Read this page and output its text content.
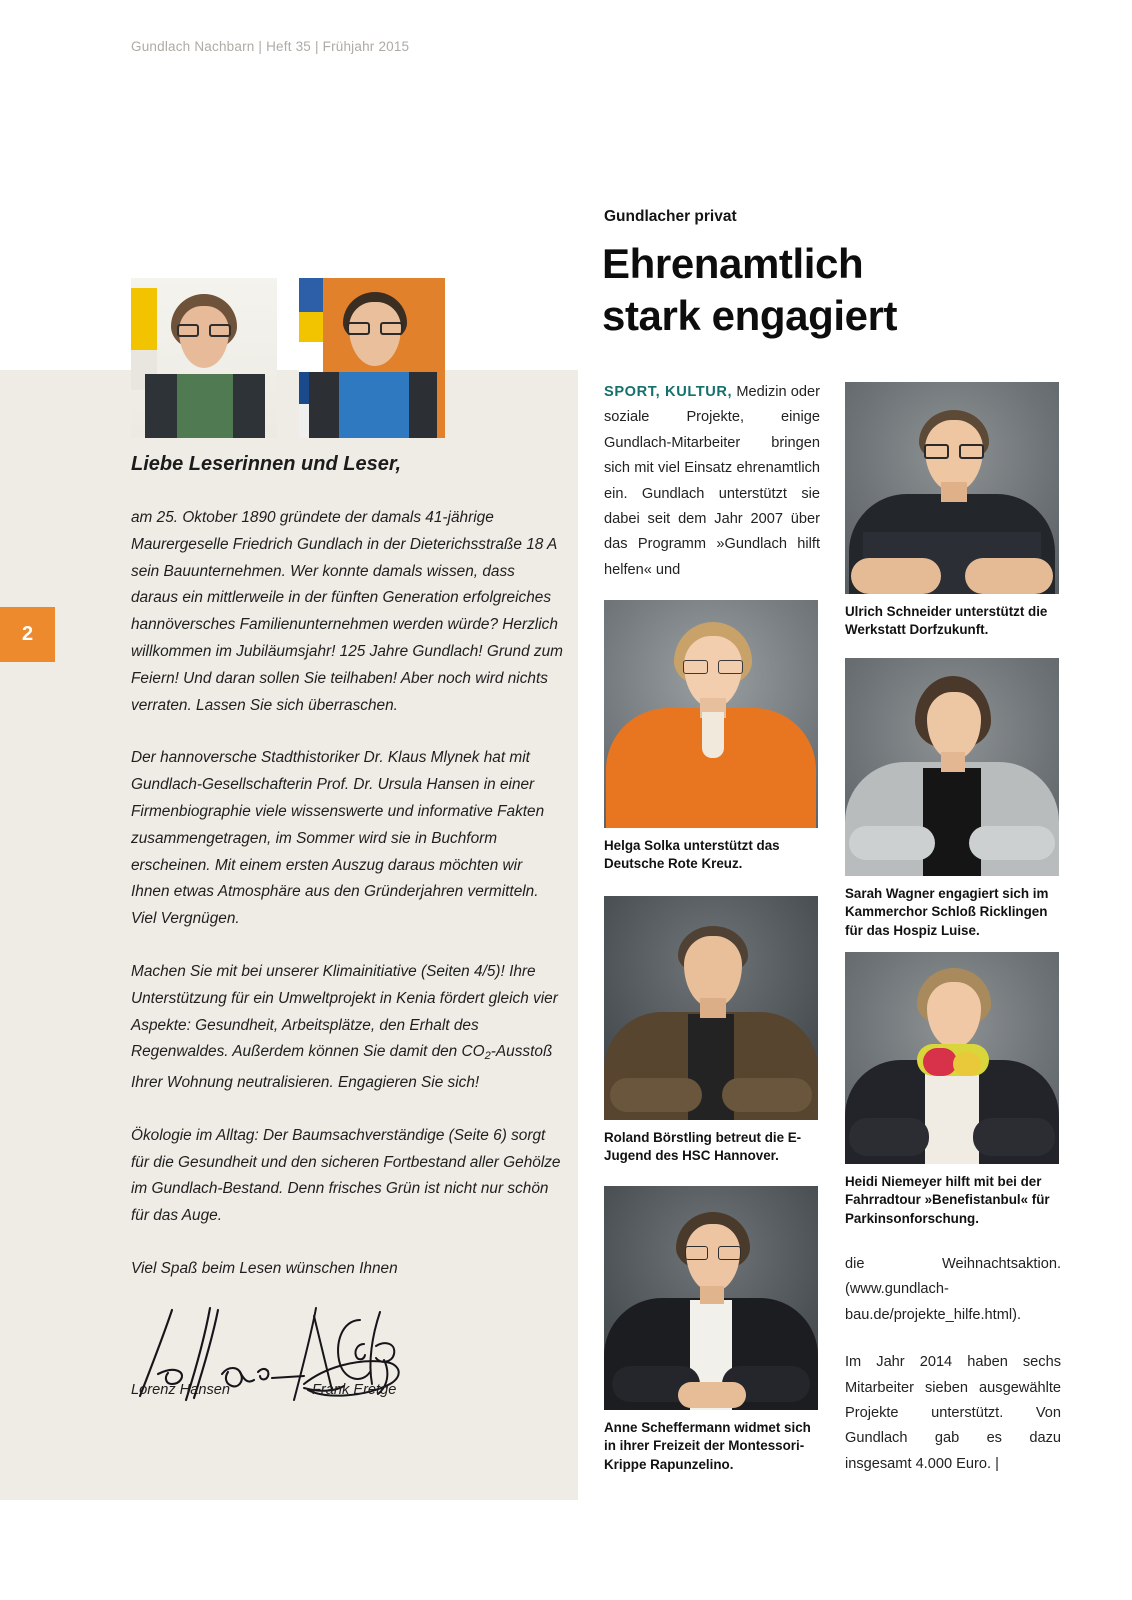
Gundlach Nachbarn | Heft 35 | Frühjahr 2015
2
Liebe Leserinnen und Leser,

am 25. Oktober 1890 gründete der damals 41-jährige Maurergeselle Friedrich Gundlach in der Dieterichsstraße 18 A sein Bauunternehmen. Wer konnte damals wissen, dass daraus ein mittlerweile in der fünften Generation erfolgreiches hannöversches Familienunternehmen werden würde? Herzlich willkommen im Jubiläumsjahr! 125 Jahre Gundlach! Grund zum Feiern! Und daran sollen Sie teilhaben! Aber noch wird nichts verraten. Lassen Sie sich überraschen.

Der hannoversche Stadthistoriker Dr. Klaus Mlynek hat mit Gundlach-Gesellschafterin Prof. Dr. Ursula Hansen in einer Firmenbiographie viele wissenswerte und informative Fakten zusammengetragen, im Sommer wird sie in Buchform erscheinen. Mit einem ersten Auszug daraus möchten wir Ihnen etwas Atmosphäre aus den Gründerjahren vermitteln. Viel Vergnügen.

Machen Sie mit bei unserer Klimainitiative (Seiten 4/5)! Ihre Unterstützung für ein Umweltprojekt in Kenia fördert gleich vier Aspekte: Gesundheit, Arbeitsplätze, den Erhalt des Regenwaldes. Außerdem können Sie damit den $CO_2$-Ausstoß Ihrer Wohnung neutralisieren. Engagieren Sie sich!

Ökologie im Alltag: Der Baumsachverständige (Seite 6) sorgt für die Gesundheit und den sicheren Fortbestand aller Gehölze im Gundlach-Bestand. Denn frisches Grün ist nicht nur schön für das Auge.

Viel Spaß beim Lesen wünschen Ihnen

Lorenz Hansen	Frank Eretge
Gundlacher privat
Ehrenamtlich
stark engagiert
SPORT, KULTUR, Medizin oder soziale Projekte, einige Gundlach-Mitarbeiter bringen sich mit viel Einsatz ehrenamtlich ein. Gundlach unterstützt sie dabei seit dem Jahr 2007 über das Programm »Gundlach hilft helfen« und

die Weihnachtsaktion. (www.gundlach-bau.de/projekte_hilfe.html).

Im Jahr 2014 haben sechs Mitarbeiter sieben ausgewählte Projekte unterstützt. Von Gundlach gab es dazu insgesamt 4.000 Euro. |

Ulrich Schneider unterstützt die Werkstatt Dorfzukunft.
Helga Solka unterstützt das Deutsche Rote Kreuz.
Sarah Wagner engagiert sich im Kammerchor Schloß Ricklingen für das Hospiz Luise.
Roland Börstling betreut die E-Jugend des HSC Hannover.
Heidi Niemeyer hilft mit bei der Fahrradtour »Benefistanbul« für Parkinsonforschung.
Anne Scheffermann widmet sich in ihrer Freizeit der Montessori-Krippe Rapunzelino.
